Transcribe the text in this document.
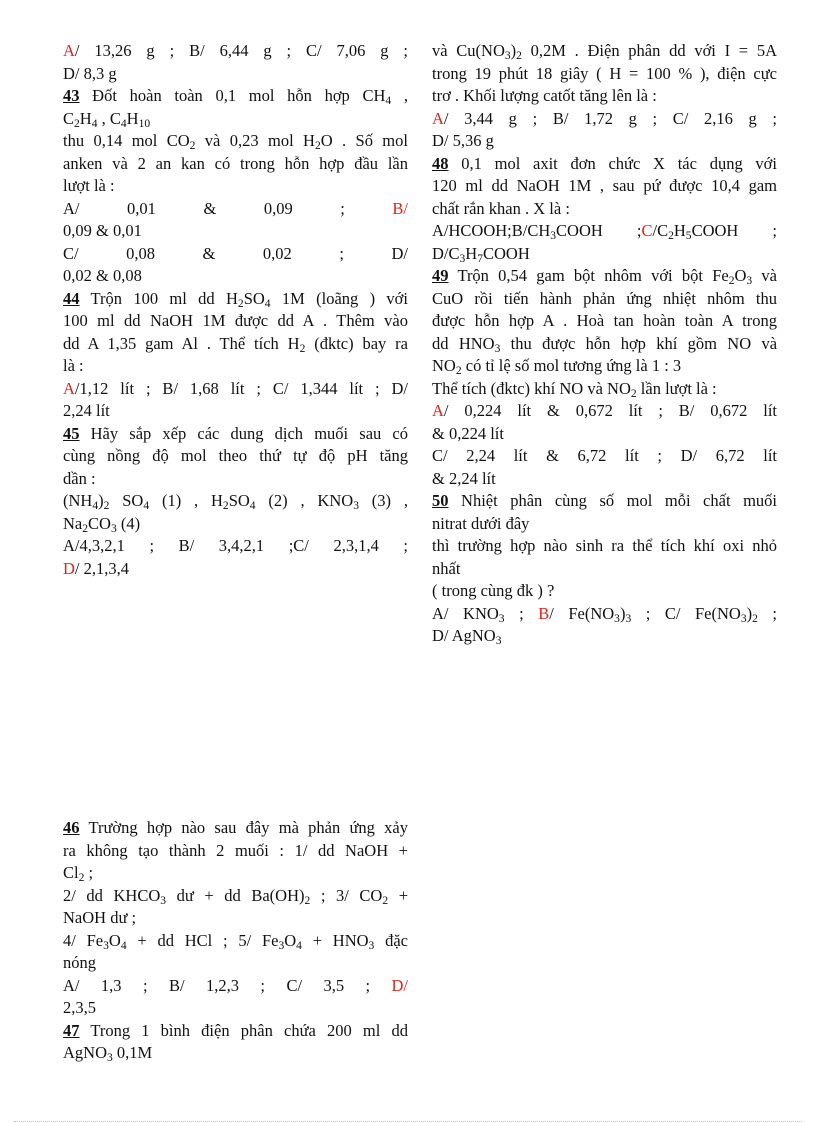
A/ 13,26 g ; B/ 6,44 g ; C/ 7,06 g ;
D/ 8,3 g
43 Đốt hoàn toàn 0,1 mol hỗn hợp $CH_4$ ,
$C_2H_4$ , $C_4H_{10}$
thu 0,14 mol $CO_2$ và 0,23 mol $H_2O$ . Số mol
anken và 2 an kan có trong hỗn hợp đầu lần
lượt là :
A/ 0,01 & 0,09	;	B/
0,09 & 0,01
C/ 0,08 & 0,02	;	D/
0,02 & 0,08
44 Trộn 100 ml dd $H_2SO_4$ 1M (loãng ) với
100 ml dd NaOH 1M được dd A . Thêm vào
dd A 1,35 gam Al . Thể tích $H_2$ (đktc) bay ra
là :
A/1,12 lít ; B/ 1,68 lít ; C/ 1,344 lít ; D/
2,24 lít
45 Hãy sắp xếp các dung dịch muối sau có
cùng nồng độ mol theo thứ tự độ pH tăng
dần :
$(NH_4)_2$ $SO_4$ (1) , $H_2SO_4$ (2) , $KNO_3$ (3) ,
$Na_2CO_3$ (4)
A/4,3,2,1 ; B/ 3,4,2,1 ;C/ 2,3,1,4 ;
D/ 2,1,3,4
và $Cu(NO_3)_2$ 0,2M . Điện phân dd với I = 5A
trong 19 phút 18 giây ( H = 100 % ), điện cực
trơ . Khối lượng catốt tăng lên là :
A/ 3,44 g ; B/ 1,72 g ; C/ 2,16 g ;
D/ 5,36 g
48 0,1 mol axit đơn chức X tác dụng với
120 ml dd NaOH 1M , sau pứ được 10,4 gam
chất rắn khan . X là :
$A/HCOOH;B/CH_3COOH$ $;C/C_2H_5COOH$ ;
$D/C_3H_7COOH$
49 Trộn 0,54 gam bột nhôm với bột $Fe_2O_3$ và
CuO rồi tiến hành phản ứng nhiệt nhôm thu
được hỗn hợp A . Hoà tan hoàn toàn A trong
dd $HNO_3$ thu được hỗn hợp khí gồm NO và
$NO_2$ có tỉ lệ số mol tương ứng là 1 : 3
Thể tích (đktc) khí NO và $NO_2$ lần lượt là :
A/ 0,224 lít & 0,672 lít ; B/ 0,672 lít
& 0,224 lít
C/ 2,24 lít & 6,72 lít ; D/ 6,72 lít
& 2,24 lít
50 Nhiệt phân cùng số mol mỗi chất muối
nitrat dưới đây
thì trường hợp nào sinh ra thể tích khí oxi nhỏ
nhất
( trong cùng đk ) ?
A/ $KNO_3$ ; B/ $Fe(NO_3)_3$ ; C/ $Fe(NO_3)_2$ ;
D/ AgNO$_3$
46 Trường hợp nào sau đây mà phản ứng xảy
ra không tạo thành 2 muối : 1/ dd NaOH +
$Cl_2$ ;
2/ dd $KHCO_3$ dư + dd $Ba(OH)_2$ ; 3/ $CO_2$ +
NaOH dư ;
4/ $Fe_3O_4$ + dd HCl ; 5/ $Fe_3O_4 + HNO_3$ đặc
nóng
A/ 1,3 ; B/ 1,2,3 ; C/ 3,5 ; D/
2,3,5
47 Trong 1 bình điện phân chứa 200 ml dd
AgNO$_3$ 0,1M
